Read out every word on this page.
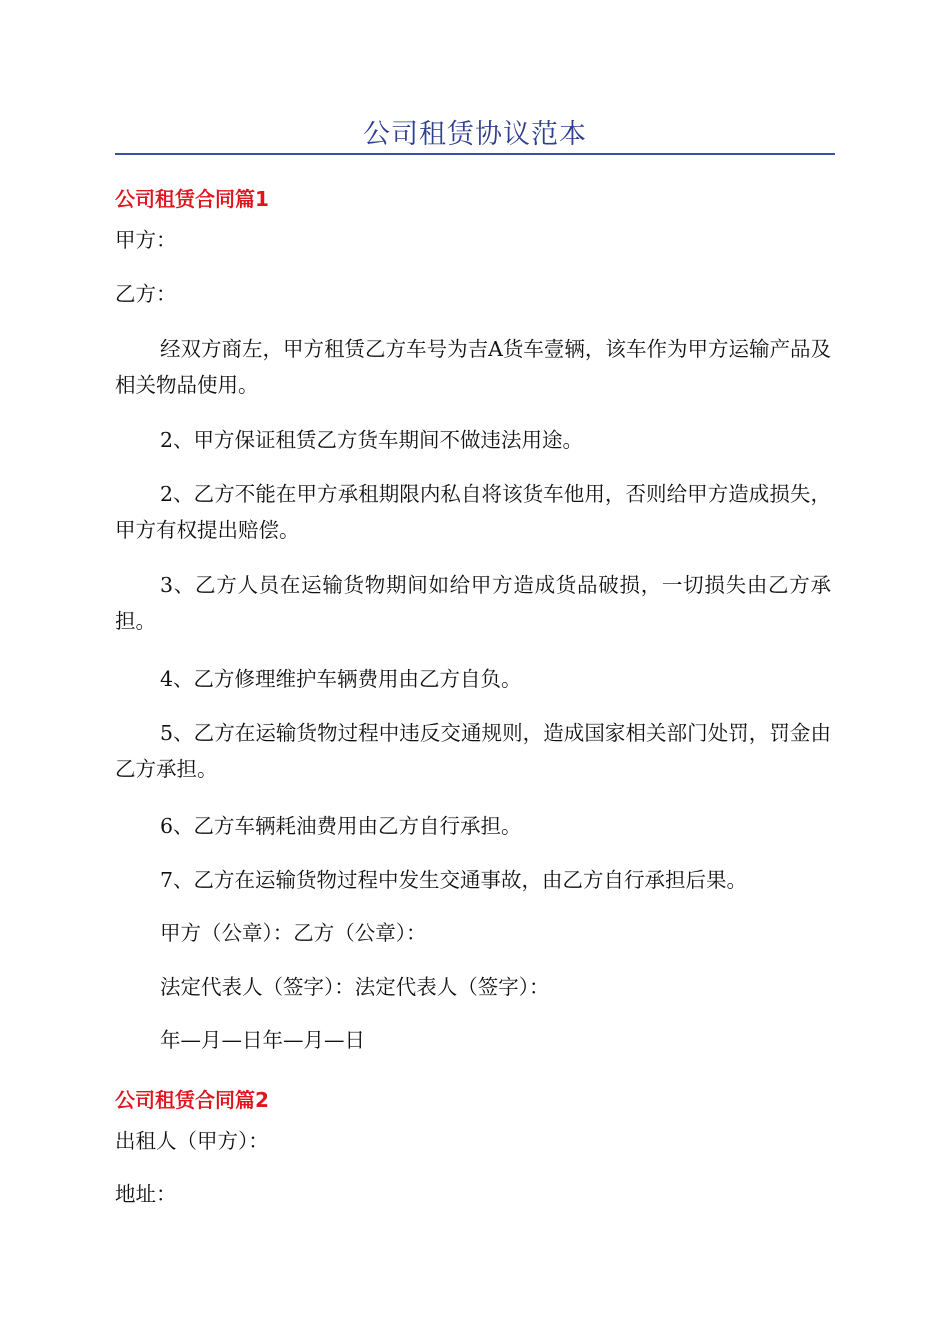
公司租赁协议范本
公司租赁合同篇1

甲方：

乙方：

经双方商左，甲方租赁乙方车号为吉A货车壹辆，该车作为甲方运输产品及相关物品使用。

2、甲方保证租赁乙方货车期间不做违法用途。

2、乙方不能在甲方承租期限内私自将该货车他用，否则给甲方造成损失，甲方有权提出赔偿。

3、乙方人员在运输货物期间如给甲方造成货品破损，一切损失由乙方承担。

4、乙方修理维护车辆费用由乙方自负。

5、乙方在运输货物过程中违反交通规则，造成国家相关部门处罚，罚金由乙方承担。

6、乙方车辆耗油费用由乙方自行承担。

7、乙方在运输货物过程中发生交通事故，由乙方自行承担后果。

甲方（公章）：乙方（公章）：

法定代表人（签字）：法定代表人（签字）：

年—月—日年—月—日

公司租赁合同篇2

出租人（甲方）：

地址：
